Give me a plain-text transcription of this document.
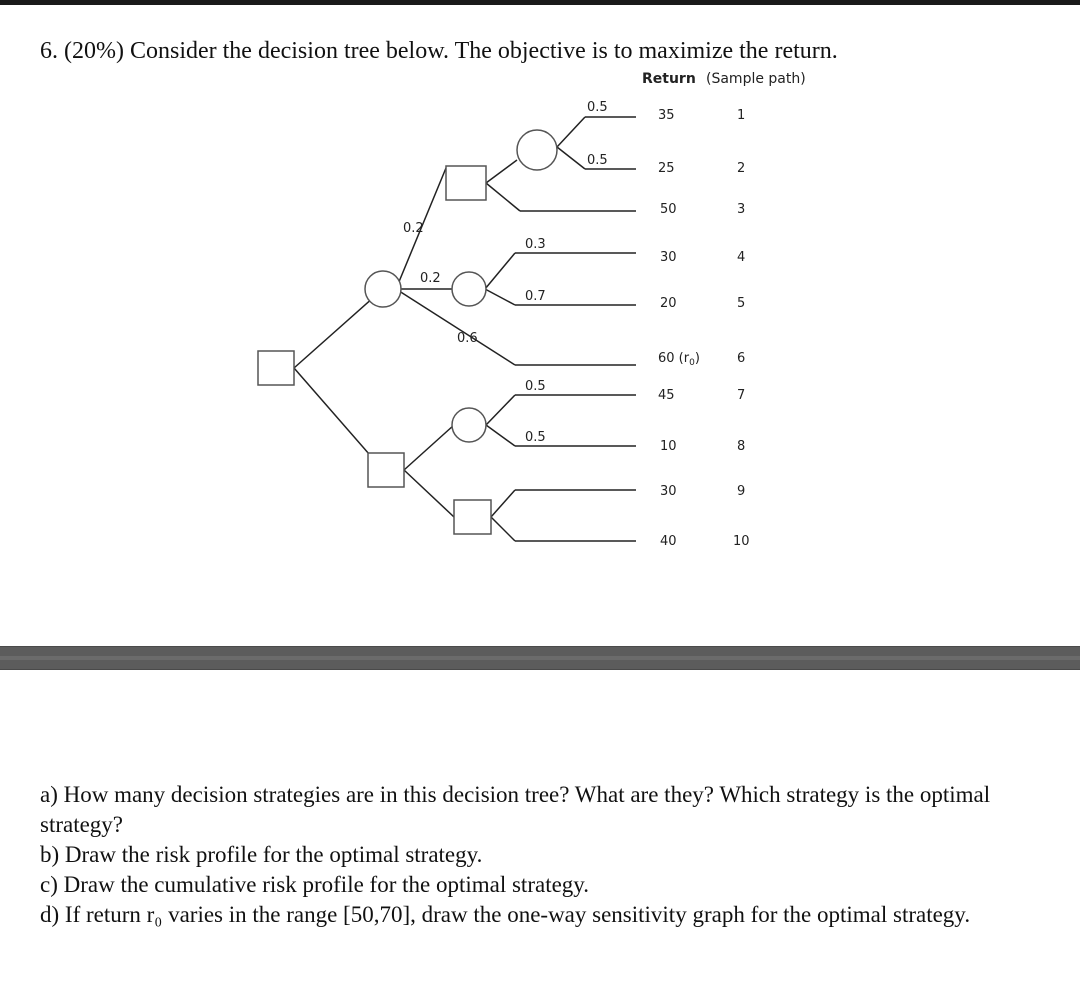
6. (20%) Consider the decision tree below. The objective is to maximize the return.
Return (Sample path)
0.5
0.5
0.2
0.3
0.2
0.7
0.6
0.5
0.5
35
25
50
30
20
60 $(r_0)$
45
10
30
40
1
2
3
4
5
6
7
8
9
10

a) How many decision strategies are in this decision tree? What are they? Which strategy is the optimal strategy?

b) Draw the risk profile for the optimal strategy.

c) Draw the cumulative risk profile for the optimal strategy.

d) If return r₀ varies in the range [50,70], draw the one-way sensitivity graph for the optimal strategy.
